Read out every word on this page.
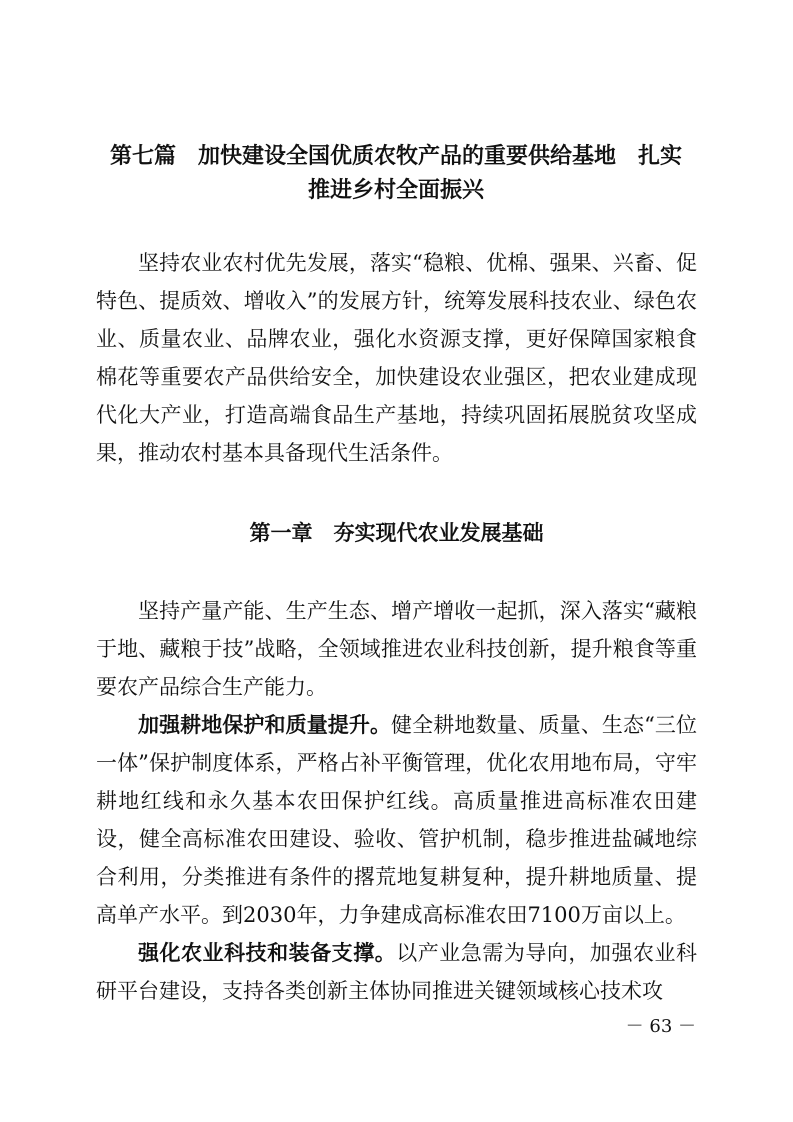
第七篇　加快建设全国优质农牧产品的重要供给基地　扎实
推进乡村全面振兴

坚持农业农村优先发展，落实“稳粮、优棉、强果、兴畜、促特色、提质效、增收入”的发展方针，统筹发展科技农业、绿色农业、质量农业、品牌农业，强化水资源支撑，更好保障国家粮食棉花等重要农产品供给安全，加快建设农业强区，把农业建成现代化大产业，打造高端食品生产基地，持续巩固拓展脱贫攻坚成果，推动农村基本具备现代生活条件。

第一章　夯实现代农业发展基础

坚持产量产能、生产生态、增产增收一起抓，深入落实“藏粮于地、藏粮于技”战略，全领域推进农业科技创新，提升粮食等重要农产品综合生产能力。

加强耕地保护和质量提升。健全耕地数量、质量、生态“三位一体”保护制度体系，严格占补平衡管理，优化农用地布局，守牢耕地红线和永久基本农田保护红线。高质量推进高标准农田建设，健全高标准农田建设、验收、管护机制，稳步推进盐碱地综合利用，分类推进有条件的撂荒地复耕复种，提升耕地质量、提高单产水平。到2030年，力争建成高标准农田7100万亩以上。

强化农业科技和装备支撑。以产业急需为导向，加强农业科研平台建设，支持各类创新主体协同推进关键领域核心技术攻

－ 63 －
